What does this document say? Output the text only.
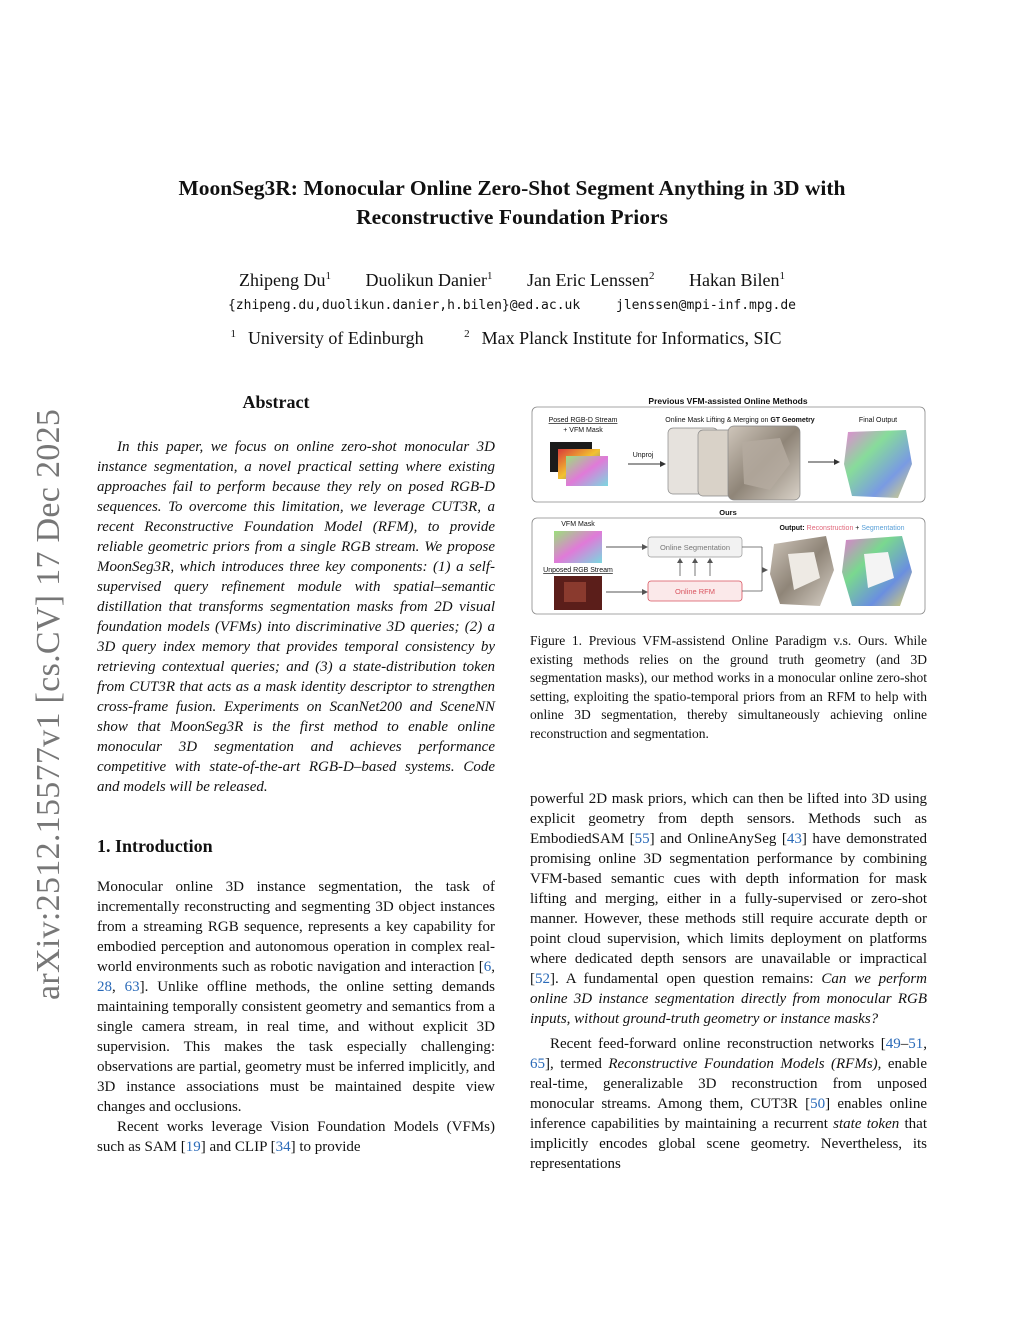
MoonSeg3R: Monocular Online Zero-Shot Segment Anything in 3D with
Reconstructive Foundation Priors
Zhipeng Du$^1$ Duolikun Danier$^1$ Jan Eric Lenssen$^2$ Hakan Bilen$^1$
{zhipeng.du,duolikun.danier,h.bilen}@ed.ac.uk	jlenssen@mpi-inf.mpg.de
$^1$ University of Edinburgh	$^2$ Max Planck Institute for Informatics, SIC
arXiv:2512.15577v1 [cs.CV] 17 Dec 2025
Abstract

In this paper, we focus on online zero-shot monocular 3D instance segmentation, a novel practical setting where existing approaches fail to perform because they rely on posed RGB-D sequences. To overcome this limitation, we leverage CUT3R, a recent Reconstructive Foundation Model (RFM), to provide reliable geometric priors from a single RGB stream. We propose MoonSeg3R, which introduces three key components: (1) a self-supervised query refinement module with spatial–semantic distillation that transforms segmentation masks from 2D visual foundation models (VFMs) into discriminative 3D queries; (2) a 3D query index memory that provides temporal consistency by retrieving contextual queries; and (3) a state-distribution token from CUT3R that acts as a mask identity descriptor to strengthen cross-frame fusion. Experiments on ScanNet200 and SceneNN show that MoonSeg3R is the first method to enable online monocular 3D segmentation and achieves performance competitive with state-of-the-art RGB-D–based systems. Code and models will be released.

1. Introduction

Monocular online 3D instance segmentation, the task of incrementally reconstructing and segmenting 3D object instances from a streaming RGB sequence, represents a key capability for embodied perception and autonomous operation in complex real-world environments such as robotic navigation and interaction [6, 28, 63]. Unlike offline methods, the online setting demands maintaining temporally consistent geometry and semantics from a single camera stream, in real time, and without explicit 3D supervision. This makes the task especially challenging: observations are partial, geometry must be inferred implicitly, and 3D instance associations must be maintained despite view changes and occlusions.

Recent works leverage Vision Foundation Models (VFMs) such as SAM [19] and CLIP [34] to provide

Previous VFM-assisted Online Methods
Posed RGB-D Stream
+ VFM Mask
Unproj
Online Mask Lifting & Merging on GT Geometry	Final Output
Ours
VFM Mask
Unposed RGB Stream
Online Segmentation
Online RFM
Output: Reconstruction + Segmentation
Figure 1. Previous VFM-assistend Online Paradigm v.s. Ours. While existing methods relies on the ground truth geometry (and 3D segmentation masks), our method works in a monocular online zero-shot setting, exploiting the spatio-temporal priors from an RFM to help with online 3D segmentation, thereby simultaneously achieving online reconstruction and segmentation.

powerful 2D mask priors, which can then be lifted into 3D using explicit geometry from depth sensors. Methods such as EmbodiedSAM [55] and OnlineAnySeg [43] have demonstrated promising online 3D segmentation performance by combining VFM-based semantic cues with depth information for mask lifting and merging, either in a fully-supervised or zero-shot manner. However, these methods still require accurate depth or point cloud supervision, which limits deployment on platforms where dedicated depth sensors are unavailable or impractical [52]. A fundamental open question remains: Can we perform online 3D instance segmentation directly from monocular RGB inputs, without ground-truth geometry or instance masks?

Recent feed-forward online reconstruction networks [49–51, 65], termed Reconstructive Foundation Models (RFMs), enable real-time, generalizable 3D reconstruction from unposed monocular streams. Among them, CUT3R [50] enables online inference capabilities by maintaining a recurrent state token that implicitly encodes global scene geometry. Nevertheless, its representations
